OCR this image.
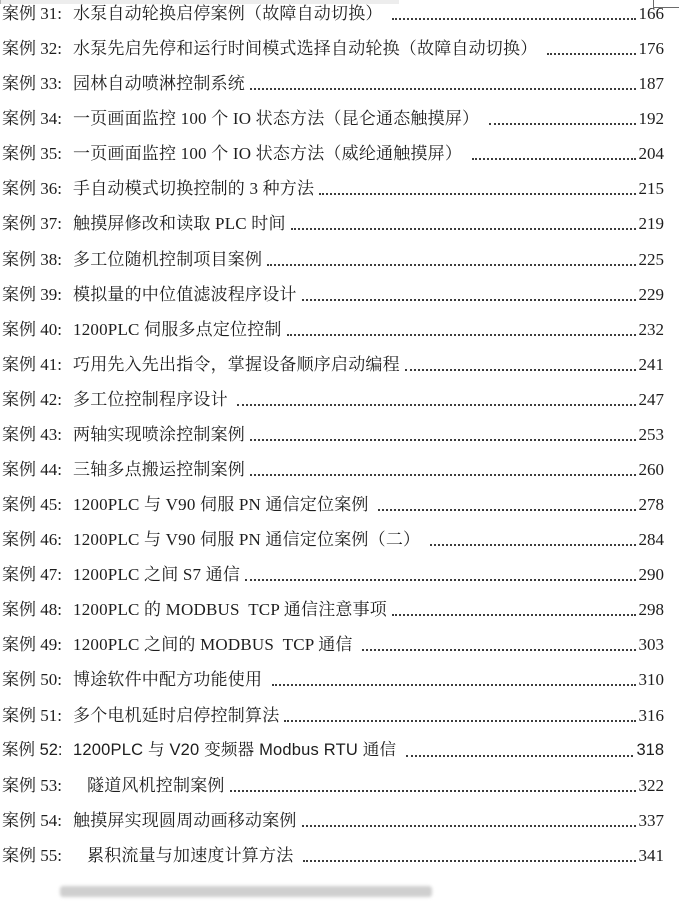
案例 31: 水泵自动轮换启停案例（故障自动切换）	166
案例 32: 水泵先启先停和运行时间模式选择自动轮换（故障自动切换）	176
案例 33: 园林自动喷淋控制系统	187
案例 34: 一页画面监控 100 个 IO 状态方法（昆仑通态触摸屏）	192
案例 35: 一页画面监控 100 个 IO 状态方法（威纶通触摸屏）	204
案例 36: 手自动模式切换控制的 3 种方法	215
案例 37: 触摸屏修改和读取 PLC 时间	219
案例 38: 多工位随机控制项目案例	225
案例 39: 模拟量的中位值滤波程序设计	229
案例 40: 1200PLC 伺服多点定位控制	232
案例 41: 巧用先入先出指令，掌握设备顺序启动编程	241
案例 42: 多工位控制程序设计	247
案例 43: 两轴实现喷涂控制案例	253
案例 44: 三轴多点搬运控制案例	260
案例 45: 1200PLC 与 V90 伺服 PN 通信定位案例	278
案例 46: 1200PLC 与 V90 伺服 PN 通信定位案例（二）	284
案例 47: 1200PLC 之间 S7 通信	290
案例 48: 1200PLC 的 MODBUS  TCP 通信注意事项	298
案例 49: 1200PLC 之间的 MODBUS  TCP 通信	303
案例 50: 博途软件中配方功能使用	310
案例 51: 多个电机延时启停控制算法	316
案例 52: 1200PLC 与 V20 变频器 Modbus RTU 通信	318
案例 53:	隧道风机控制案例	322
案例 54: 触摸屏实现圆周动画移动案例	337
案例 55:	累积流量与加速度计算方法	341
